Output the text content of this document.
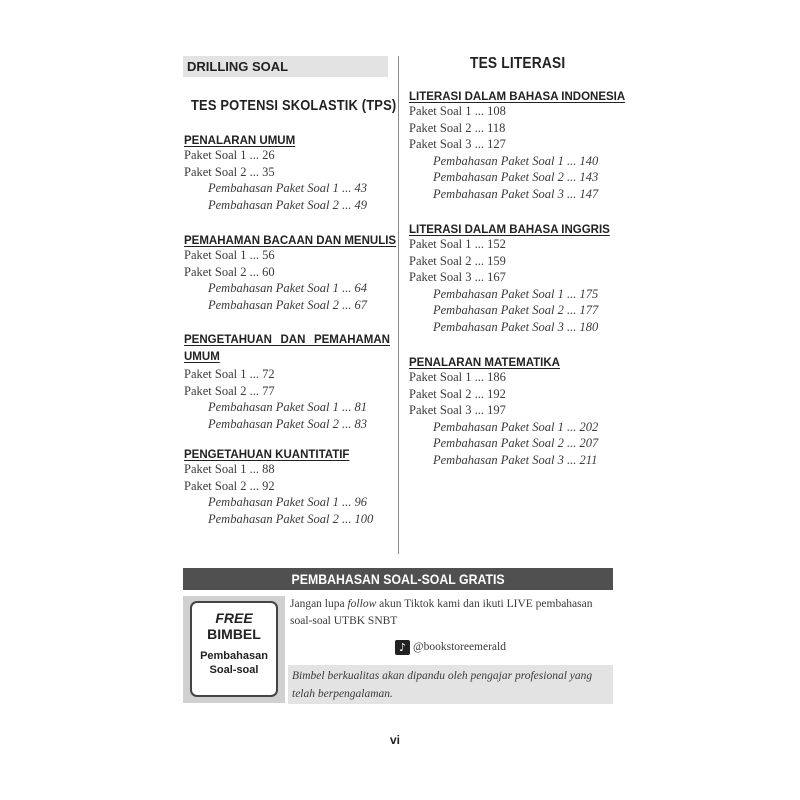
DRILLING SOAL
TES POTENSI SKOLASTIK (TPS)
PENALARAN UMUM
Paket Soal 1 ... 26
Paket Soal 2 ... 35
Pembahasan Paket Soal 1 ... 43
Pembahasan Paket Soal 2 ... 49
PEMAHAMAN BACAAN DAN MENULIS
Paket Soal 1 ... 56
Paket Soal 2 ... 60
Pembahasan Paket Soal 1 ... 64
Pembahasan Paket Soal 2 ... 67
PENGETAHUAN DAN PEMAHAMAN UMUM
Paket Soal 1 ... 72
Paket Soal 2 ... 77
Pembahasan Paket Soal 1 ... 81
Pembahasan Paket Soal 2 ... 83
PENGETAHUAN KUANTITATIF
Paket Soal 1 ... 88
Paket Soal 2 ... 92
Pembahasan Paket Soal 1 ... 96
Pembahasan Paket Soal 2 ... 100
TES LITERASI
LITERASI DALAM BAHASA INDONESIA
Paket Soal 1 ... 108
Paket Soal 2 ... 118
Paket Soal 3 ... 127
Pembahasan Paket Soal 1 ... 140
Pembahasan Paket Soal 2 ... 143
Pembahasan Paket Soal 3 ... 147
LITERASI DALAM BAHASA INGGRIS
Paket Soal 1 ... 152
Paket Soal 2 ... 159
Paket Soal 3 ... 167
Pembahasan Paket Soal 1 ... 175
Pembahasan Paket Soal 2 ... 177
Pembahasan Paket Soal 3 ... 180
PENALARAN MATEMATIKA
Paket Soal 1 ... 186
Paket Soal 2 ... 192
Paket Soal 3 ... 197
Pembahasan Paket Soal 1 ... 202
Pembahasan Paket Soal 2 ... 207
Pembahasan Paket Soal 3 ... 211
PEMBAHASAN SOAL-SOAL GRATIS
FREE
BIMBEL
Pembahasan
Soal-soal
Jangan lupa follow akun Tiktok kami dan ikuti LIVE pembahasan soal-soal UTBK SNBT
♪ @bookstoreemerald
Bimbel berkualitas akan dipandu oleh pengajar profesional yang telah berpengalaman.
vi
